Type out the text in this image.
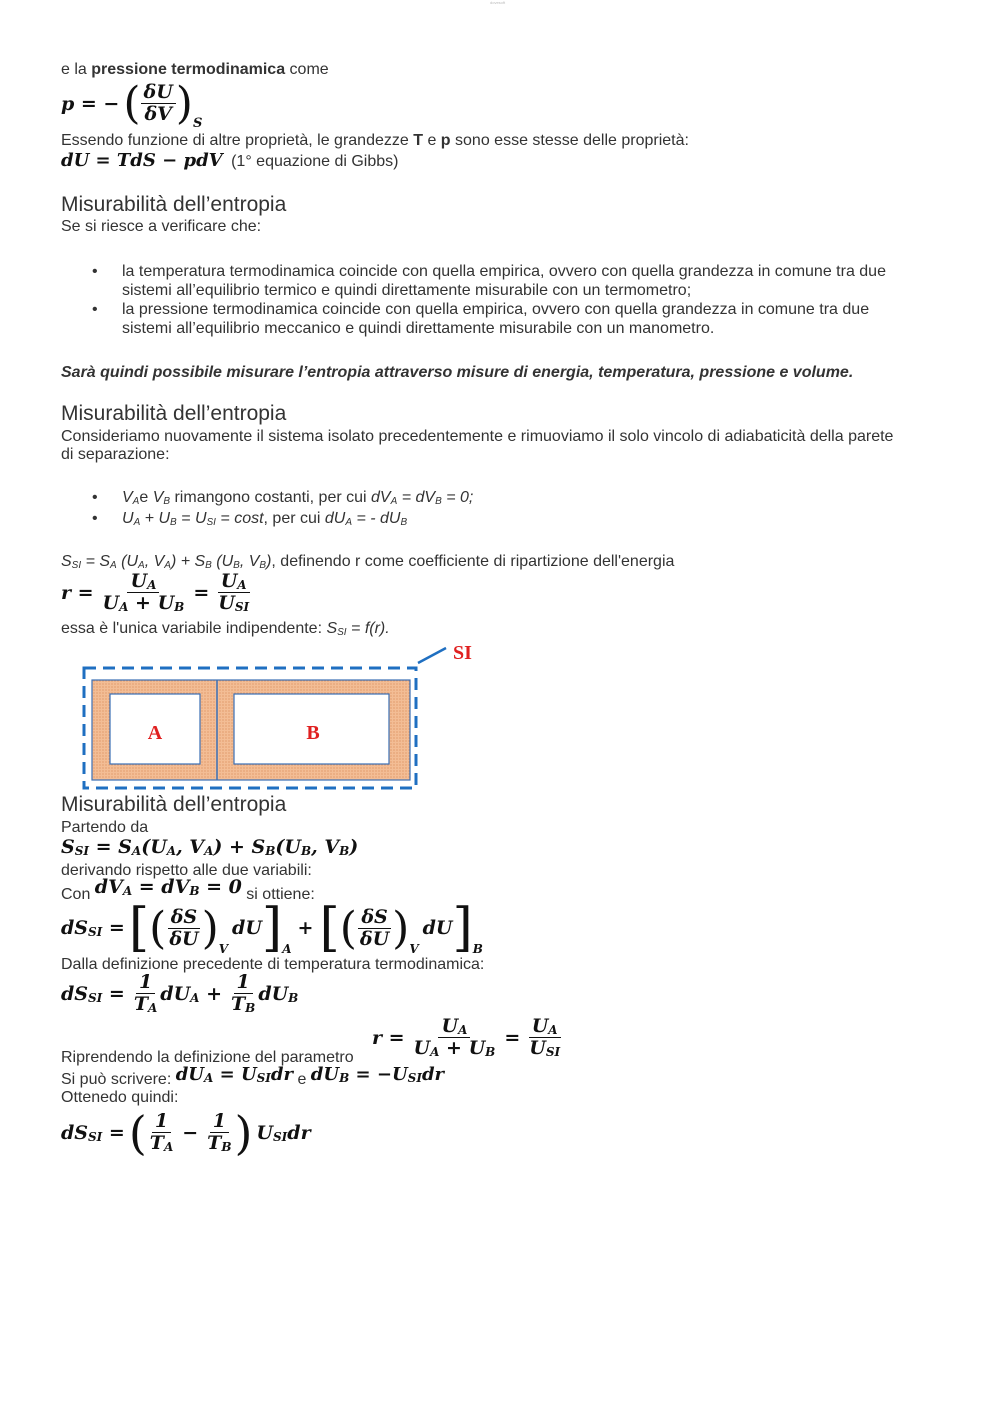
dovesoft
e la pressione termodinamica come
p = − ( $\frac{\delta U}{\delta V}$ ) S
Essendo funzione di altre proprietà, le grandezze T e p sono esse stesse delle proprietà:
dU = TdS − pdV (1° equazione di Gibbs)
Misurabilità dell’entropia
Se si riesce a verificare che:
• la temperatura termodinamica coincide con quella empirica, ovvero con quella grandezza in comune tra due
sistemi all’equilibrio termico e quindi direttamente misurabile con un termometro;
• la pressione termodinamica coincide con quella empirica, ovvero con quella grandezza in comune tra due
sistemi all’equilibrio meccanico e quindi direttamente misurabile con un manometro.
Sarà quindi possibile misurare l’entropia attraverso misure di energia, temperatura, pressione e volume.
Misurabilità dell’entropia
Consideriamo nuovamente il sistema isolato precedentemente e rimuoviamo il solo vincolo di adiabaticità della parete
di separazione:
• $V_Ae$ $V_B$ rimangono costanti, per cui $dV_A = dV_B = 0$;
• $U_A + U_B = U_{SI} = \cos t$, per cui $dU_A$ = - $dU_B$
$S_{SI} = S_A$ ($U_A$, $V_A) + S_B$ ($U_B$, $V_B$), definendo r come coefficiente di ripartizione dell'energia
$r = \frac{UA}{UA + UB} = \frac{UA}{\text{USI}}$
essa è l'unica variabile indipendente: $S_{SI} = f(r)$.
SI
A	B
Misurabilità dell’entropia
Partendo da
SSI = SA(UA, VA) + SB(UB, VB)
derivando rispetto alle due variabili:
Con dVA = dVB = 0 si ottiene:
dSSI = [ ( $\frac{\delta S}{\delta U}$ ) V
dU ] A
+ [ ( $\frac{\delta S}{\delta U}$ ) V
dU ] B
Dalla definizione precedente di temperatura termodinamica:
dSSI = $\frac{1}{TA}$ dUA + $\frac{1}{TB}$ dUB
$r = \frac{UA}{UA + UB} = \frac{UA}{\text{USI}}$
Riprendendo la definizione del parametro
Si può scrivere: dUA = USIdr e dUB = −USIdr
Ottenedo quindi:
dSSI = ( $\frac{1}{TA} - \frac{1}{TB}$ ) USIdr
